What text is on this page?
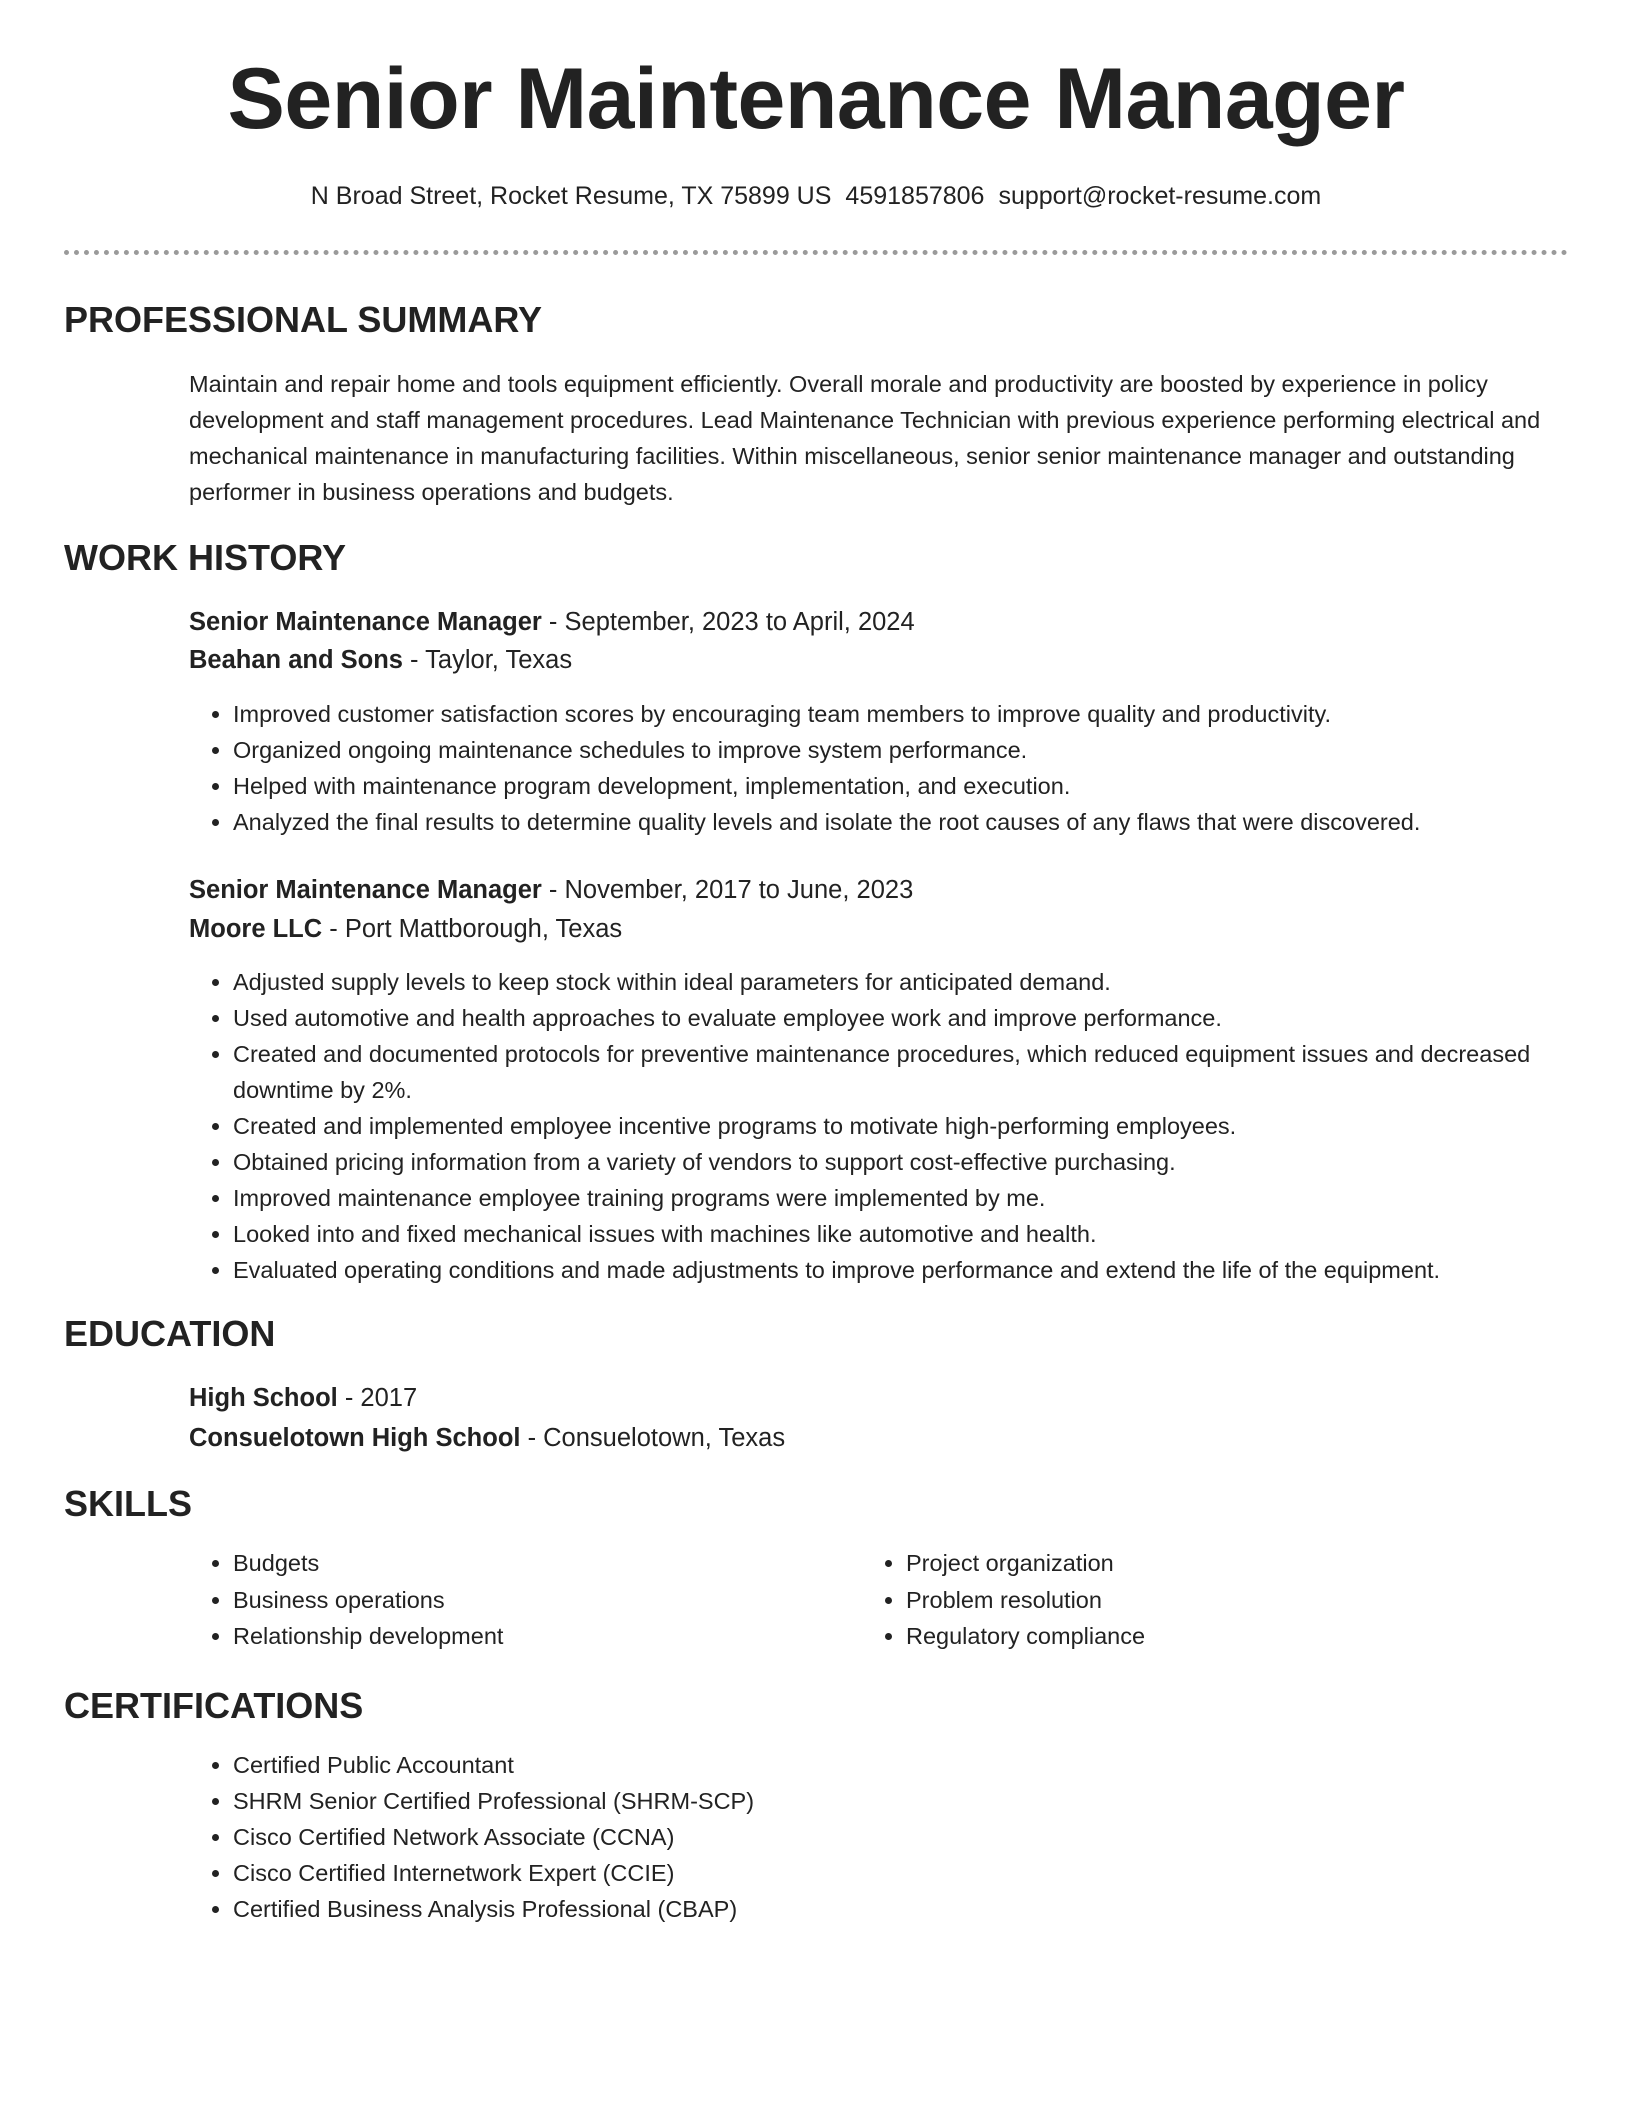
Senior Maintenance Manager
N Broad Street, Rocket Resume, TX 75899 US 4591857806 support@rocket-resume.com
PROFESSIONAL SUMMARY

Maintain and repair home and tools equipment efficiently. Overall morale and productivity are boosted by experience in policy development and staff management procedures. Lead Maintenance Technician with previous experience performing electrical and mechanical maintenance in manufacturing facilities. Within miscellaneous, senior senior maintenance manager and outstanding performer in business operations and budgets.

WORK HISTORY
Senior Maintenance Manager - September, 2023 to April, 2024
Beahan and Sons - Taylor, Texas
• Improved customer satisfaction scores by encouraging team members to improve quality and productivity.
• Organized ongoing maintenance schedules to improve system performance.
• Helped with maintenance program development, implementation, and execution.
• Analyzed the final results to determine quality levels and isolate the root causes of any flaws that were discovered.
Senior Maintenance Manager - November, 2017 to June, 2023
Moore LLC - Port Mattborough, Texas
• Adjusted supply levels to keep stock within ideal parameters for anticipated demand.
• Used automotive and health approaches to evaluate employee work and improve performance.
• Created and documented protocols for preventive maintenance procedures, which reduced equipment issues and decreased downtime by 2%.
• Created and implemented employee incentive programs to motivate high-performing employees.
• Obtained pricing information from a variety of vendors to support cost-effective purchasing.
• Improved maintenance employee training programs were implemented by me.
• Looked into and fixed mechanical issues with machines like automotive and health.
• Evaluated operating conditions and made adjustments to improve performance and extend the life of the equipment.
EDUCATION
High School - 2017
Consuelotown High School - Consuelotown, Texas
SKILLS
• Budgets
• Business operations
• Relationship development
• Project organization
• Problem resolution
• Regulatory compliance
CERTIFICATIONS
• Certified Public Accountant
• SHRM Senior Certified Professional (SHRM-SCP)
• Cisco Certified Network Associate (CCNA)
• Cisco Certified Internetwork Expert (CCIE)
• Certified Business Analysis Professional (CBAP)
